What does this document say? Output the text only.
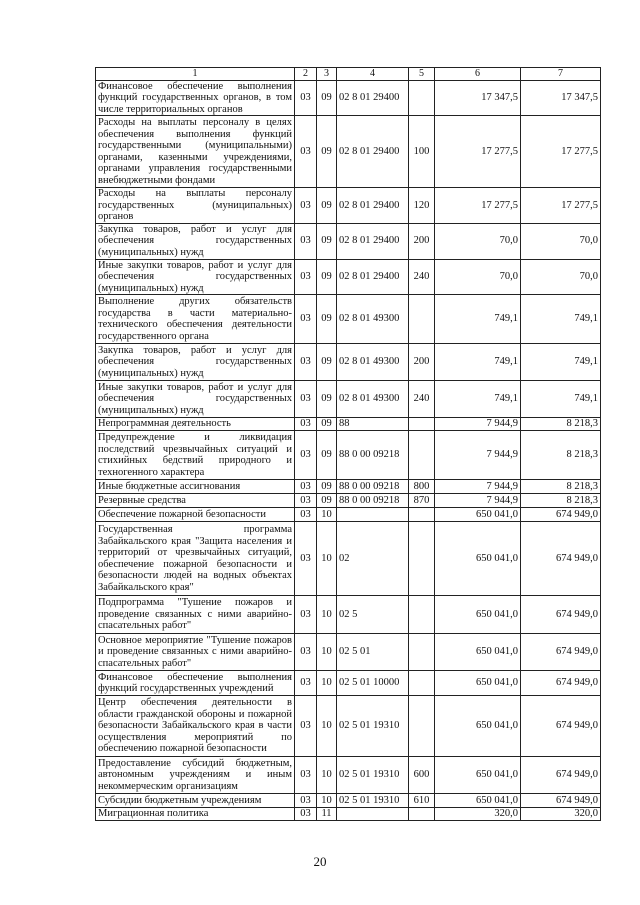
1	2	3	4	5	6	7
Финансовое обеспечение выполнения функций государственных органов, в том числе территориальных органов	03	09	02 8 01 29400		17 347,5	17 347,5
Расходы на выплаты персоналу в целях обеспечения выполнения функций государственными (муниципальными) органами, казенными учреждениями, органами управления государственными внебюджетными фондами	03	09	02 8 01 29400	100	17 277,5	17 277,5
Расходы на выплаты персоналу государственных (муниципальных) органов	03	09	02 8 01 29400	120	17 277,5	17 277,5
Закупка товаров, работ и услуг для обеспечения государственных (муниципальных) нужд	03	09	02 8 01 29400	200	70,0	70,0
Иные закупки товаров, работ и услуг для обеспечения государственных (муниципальных) нужд	03	09	02 8 01 29400	240	70,0	70,0
Выполнение других обязательств государства в части материально-технического обеспечения деятельности государственного органа	03	09	02 8 01 49300		749,1	749,1
Закупка товаров, работ и услуг для обеспечения государственных (муниципальных) нужд	03	09	02 8 01 49300	200	749,1	749,1
Иные закупки товаров, работ и услуг для обеспечения государственных (муниципальных) нужд	03	09	02 8 01 49300	240	749,1	749,1
Непрограммная деятельность	03	09	88		7 944,9	8 218,3
Предупреждение и ликвидация последствий чрезвычайных ситуаций и стихийных бедствий природного и техногенного характера	03	09	88 0 00 09218		7 944,9	8 218,3
Иные бюджетные ассигнования	03	09	88 0 00 09218	800	7 944,9	8 218,3
Резервные средства	03	09	88 0 00 09218	870	7 944,9	8 218,3
Обеспечение пожарной безопасности	03	10			650 041,0	674 949,0
Государственная программа Забайкальского края "Защита населения и территорий от чрезвычайных ситуаций, обеспечение пожарной безопасности и безопасности людей на водных объектах Забайкальского края"	03	10	02		650 041,0	674 949,0
Подпрограмма "Тушение пожаров и проведение связанных с ними аварийно-спасательных работ"	03	10	02 5		650 041,0	674 949,0
Основное мероприятие "Тушение пожаров и проведение связанных с ними аварийно-спасательных работ"	03	10	02 5 01		650 041,0	674 949,0
Финансовое обеспечение выполнения функций государственных учреждений	03	10	02 5 01 10000		650 041,0	674 949,0
Центр обеспечения деятельности в области гражданской обороны и пожарной безопасности Забайкальского края в части осуществления мероприятий по обеспечению пожарной безопасности	03	10	02 5 01 19310		650 041,0	674 949,0
Предоставление субсидий бюджетным, автономным учреждениям и иным некоммерческим организациям	03	10	02 5 01 19310	600	650 041,0	674 949,0
Субсидии бюджетным учреждениям	03	10	02 5 01 19310	610	650 041,0	674 949,0
Миграционная политика	03	11			320,0	320,0
20
